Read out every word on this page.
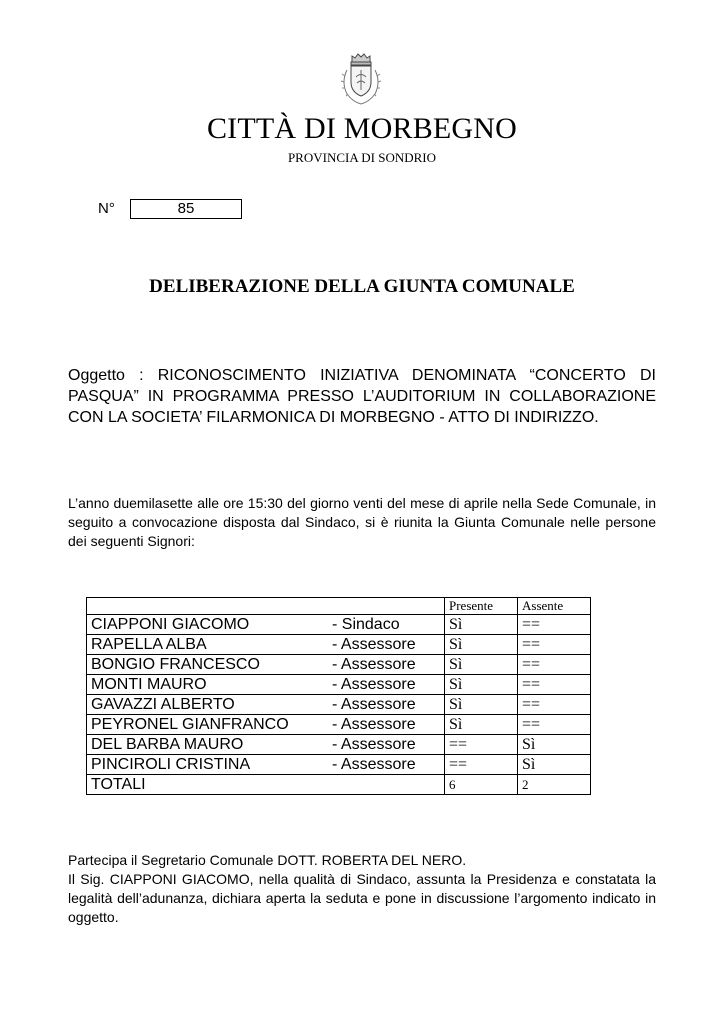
CITTÀ DI MORBEGNO
PROVINCIA DI SONDRIO
N°	85
DELIBERAZIONE DELLA GIUNTA COMUNALE
Oggetto : RICONOSCIMENTO INIZIATIVA DENOMINATA “CONCERTO DI PASQUA” IN PROGRAMMA PRESSO L’AUDITORIUM IN COLLABORAZIONE CON LA SOCIETA’ FILARMONICA DI MORBEGNO - ATTO DI INDIRIZZO.
L’anno duemilasette alle ore 15:30 del giorno venti del mese di aprile nella Sede Comunale, in seguito a convocazione disposta dal Sindaco, si è riunita la Giunta Comunale nelle persone dei seguenti Signori:
		Presente	Assente
CIAPPONI GIACOMO	- Sindaco	Sì	==
RAPELLA ALBA	- Assessore	Sì	==
BONGIO FRANCESCO	- Assessore	Sì	==
MONTI MAURO	- Assessore	Sì	==
GAVAZZI ALBERTO	- Assessore	Sì	==
PEYRONEL GIANFRANCO	- Assessore	Sì	==
DEL BARBA MAURO	- Assessore	==	Sì
PINCIROLI CRISTINA	- Assessore	==	Sì
TOTALI		6	2

Partecipa il Segretario Comunale DOTT. ROBERTA DEL NERO.

Il Sig. CIAPPONI GIACOMO, nella qualità di Sindaco, assunta la Presidenza e constatata la legalità dell’adunanza, dichiara aperta la seduta e pone in discussione l’argomento indicato in oggetto.
